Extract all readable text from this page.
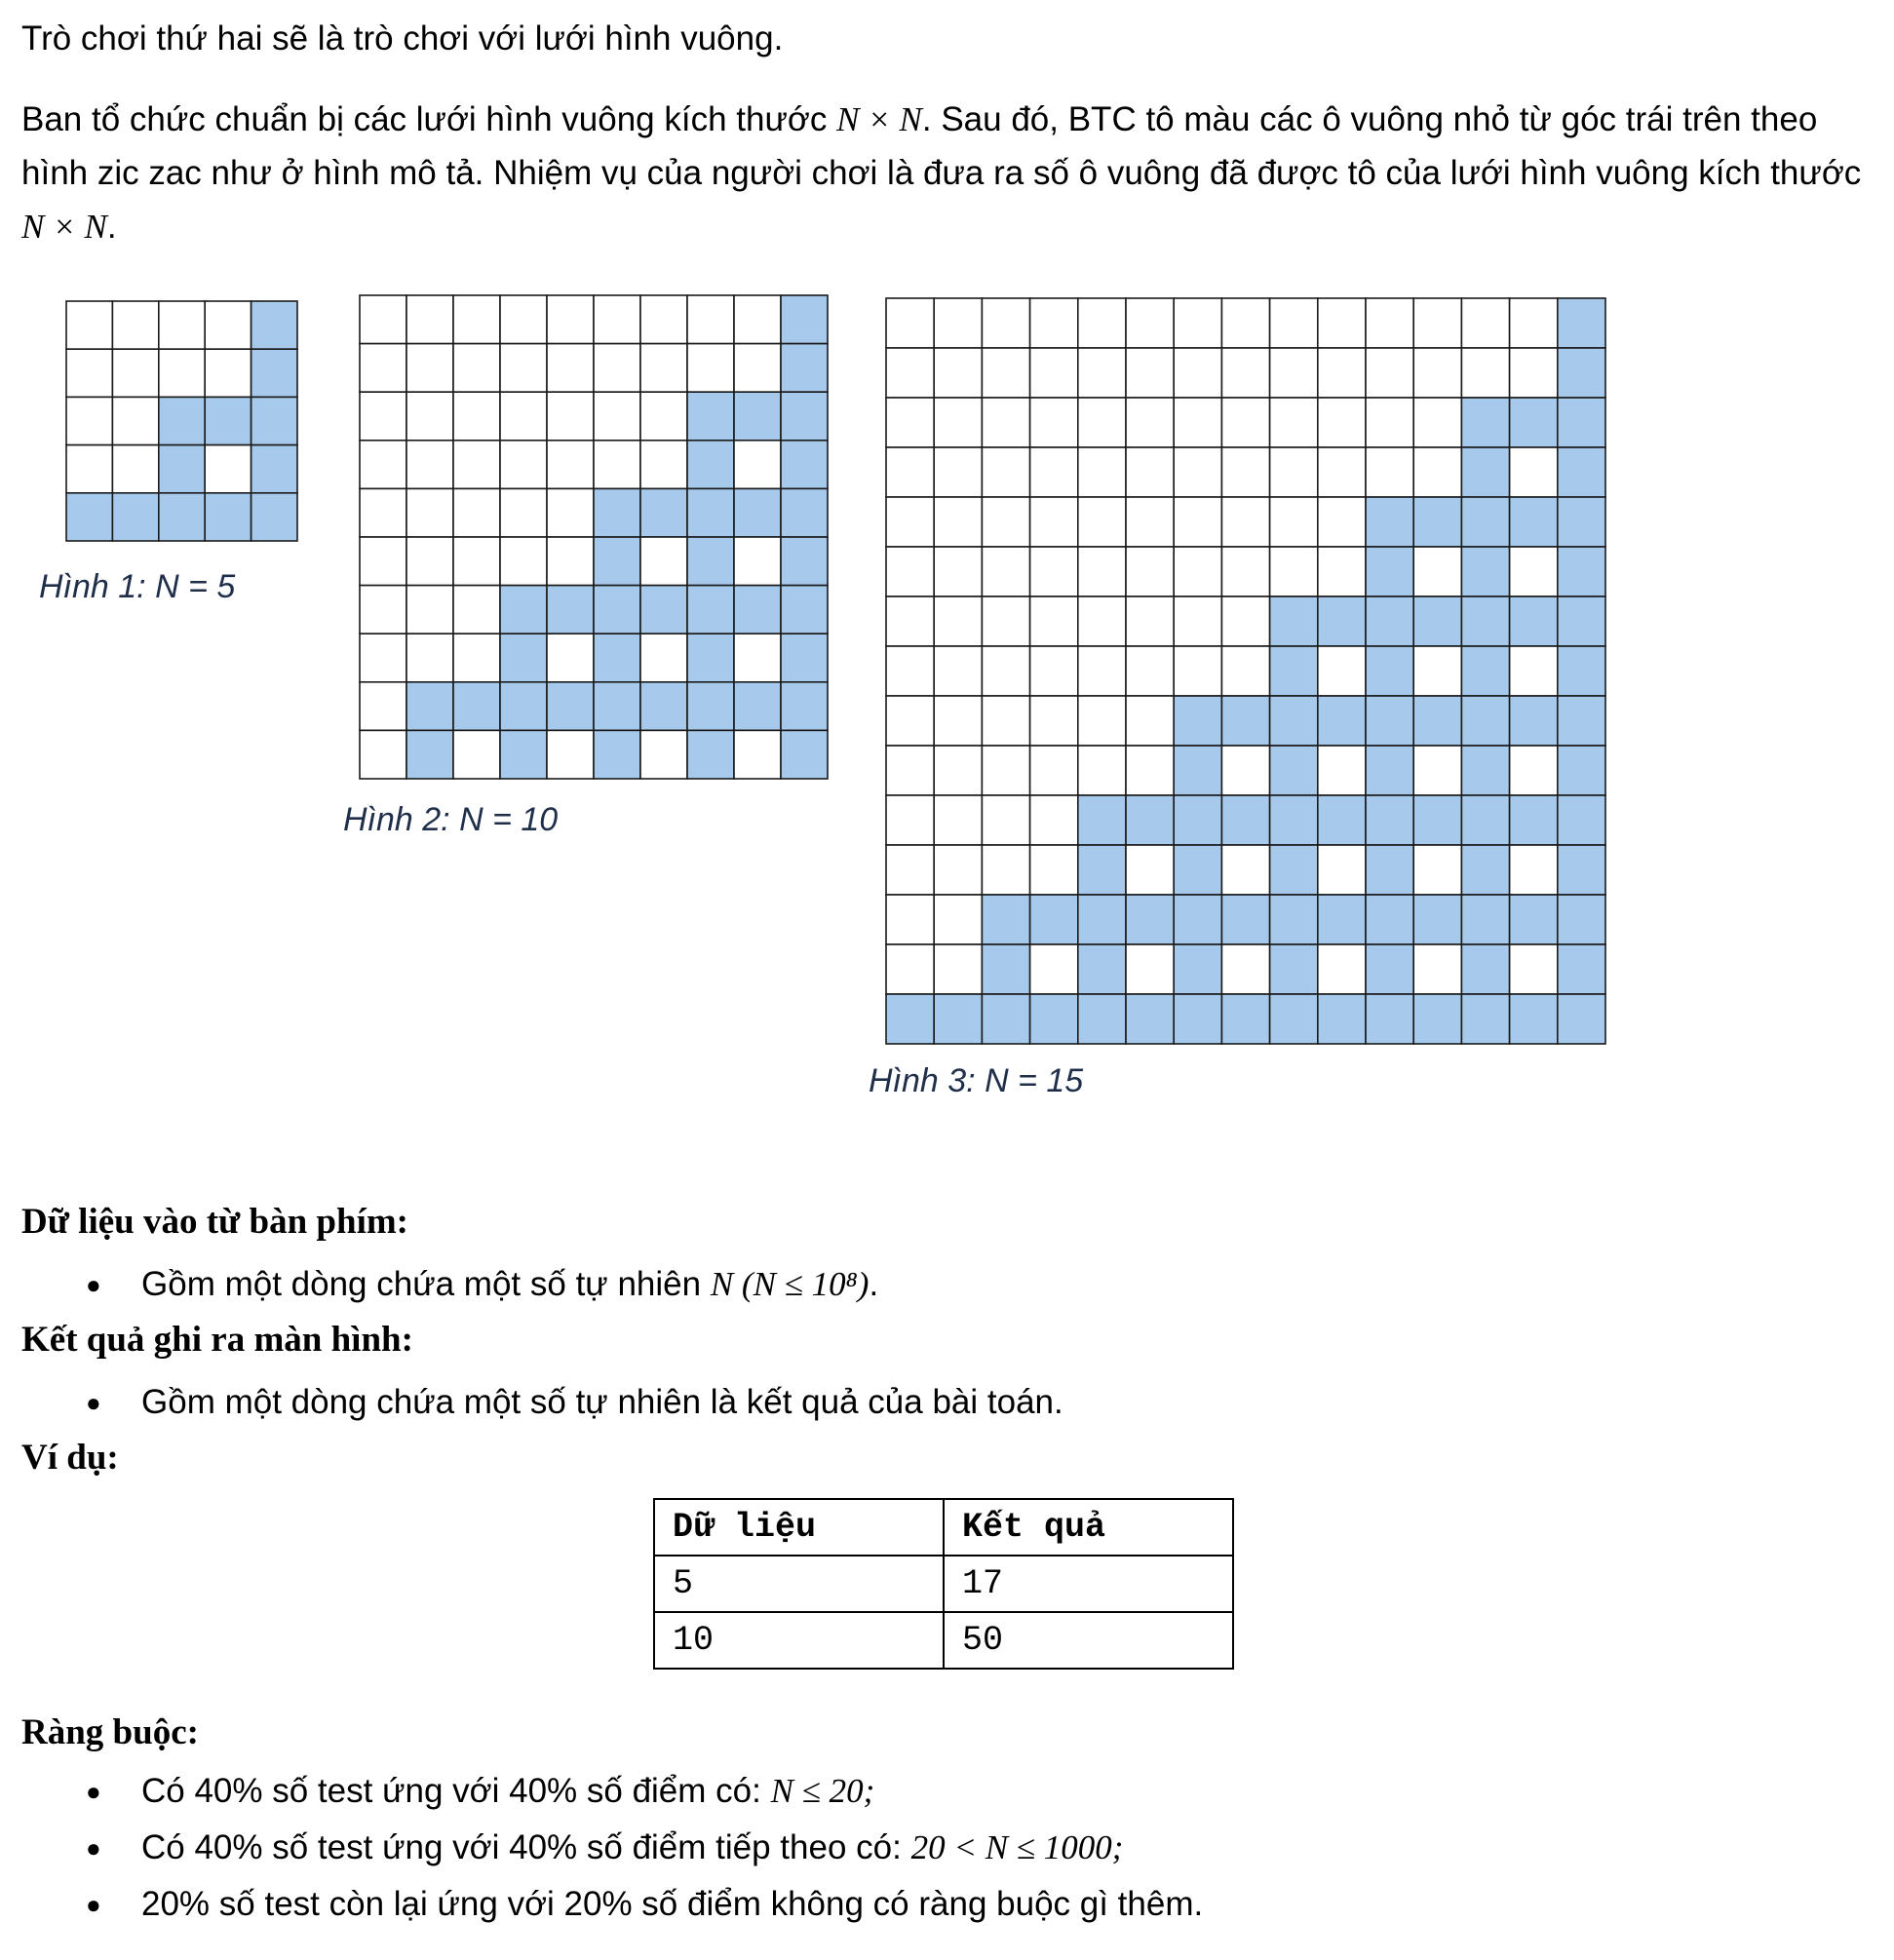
Trò chơi thứ hai sẽ là trò chơi với lưới hình vuông.
Ban tổ chức chuẩn bị các lưới hình vuông kích thước N × N. Sau đó, BTC tô màu các ô vuông nhỏ từ góc trái trên theo hình zic zac như ở hình mô tả. Nhiệm vụ của người chơi là đưa ra số ô vuông đã được tô của lưới hình vuông kích thước N × N.
Hình 1: N = 5
Hình 2: N = 10
Hình 3: N = 15
Dữ liệu vào từ bàn phím:
● Gồm một dòng chứa một số tự nhiên N (N ≤ 10⁸).
Kết quả ghi ra màn hình:
● Gồm một dòng chứa một số tự nhiên là kết quả của bài toán.
Ví dụ:
Dữ liệu	Kết quả
5	17
10	50
Ràng buộc:
● Có 40% số test ứng với 40% số điểm có: N ≤ 20;
● Có 40% số test ứng với 40% số điểm tiếp theo có: 20 < N ≤ 1000;
● 20% số test còn lại ứng với 20% số điểm không có ràng buộc gì thêm.
